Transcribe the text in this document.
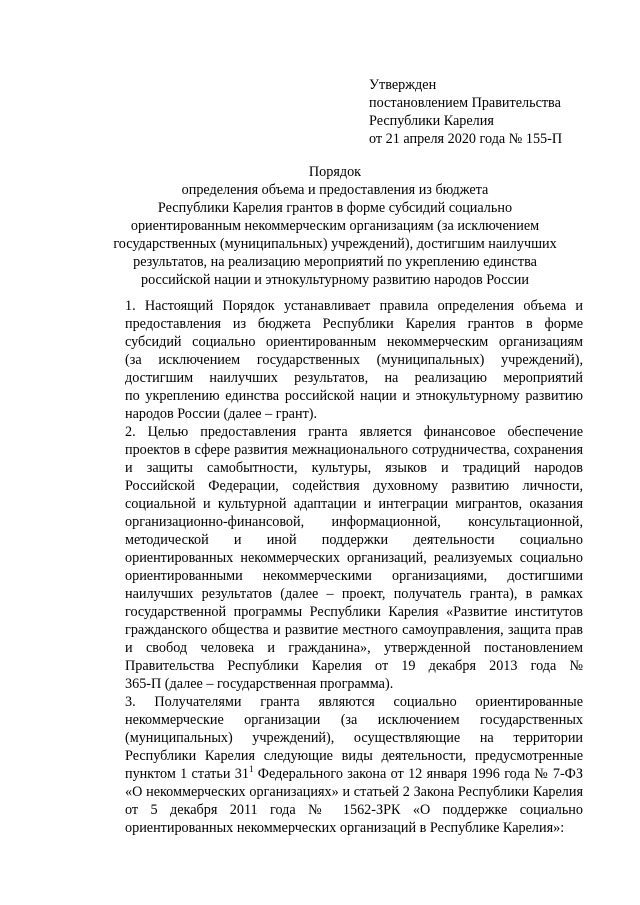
Утвержден
постановлением Правительства
Республики Карелия
от 21 апреля 2020 года № 155-П
Порядок
определения объема и предоставления из бюджета
Республики Карелия грантов в форме субсидий социально
ориентированным некоммерческим организациям (за исключением
государственных (муниципальных) учреждений), достигшим наилучших
результатов, на реализацию мероприятий по укреплению единства
российской нации и этнокультурному развитию народов России
1. Настоящий Порядок устанавливает правила определения объема и
предоставления из бюджета Республики Карелия грантов в форме
субсидий социально ориентированным некоммерческим организациям
(за исключением государственных (муниципальных) учреждений),
достигшим наилучших результатов, на реализацию мероприятий
по укреплению единства российской нации и этнокультурному развитию
народов России (далее – грант).
2. Целью предоставления гранта является финансовое обеспечение
проектов в сфере развития межнационального сотрудничества, сохранения
и защиты самобытности, культуры, языков и традиций народов
Российской Федерации, содействия духовному развитию личности,
социальной и культурной адаптации и интеграции мигрантов, оказания
организационно-финансовой, информационной, консультационной,
методической и иной поддержки деятельности социально
ориентированных некоммерческих организаций, реализуемых социально
ориентированными некоммерческими организациями, достигшими
наилучших результатов (далее – проект, получатель гранта), в рамках
государственной программы Республики Карелия «Развитие институтов
гражданского общества и развитие местного самоуправления, защита прав
и свобод человека и гражданина», утвержденной постановлением
Правительства Республики Карелия от 19 декабря 2013 года №
365-П (далее – государственная программа).
3. Получателями гранта являются социально ориентированные
некоммерческие организации (за исключением государственных
(муниципальных) учреждений), осуществляющие на территории
Республики Карелия следующие виды деятельности, предусмотренные
пунктом 1 статьи $31^1$ Федерального закона от 12 января 1996 года № 7-ФЗ
«О некоммерческих организациях» и статьей 2 Закона Республики Карелия
от 5 декабря 2011 года № 1562-ЗРК «О поддержке социально
ориентированных некоммерческих организаций в Республике Карелия»:
